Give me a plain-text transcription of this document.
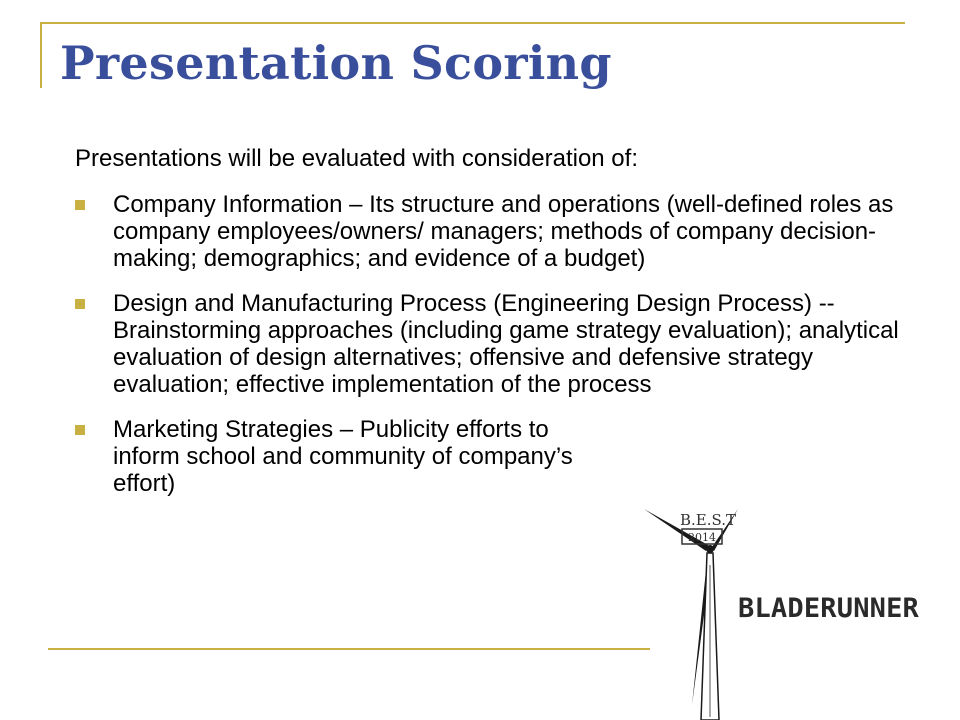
Presentation Scoring

Presentations will be evaluated with consideration of:

Company Information – Its structure and operations (well-defined roles as company employees/owners/ managers; methods of company decision-making; demographics; and evidence of a budget)
Design and Manufacturing Process (Engineering Design Process) -- Brainstorming approaches (including game strategy evaluation); analytical evaluation of design alternatives; offensive and defensive strategy evaluation; effective implementation of the process
Marketing Strategies – Publicity efforts to inform school and community of company’s effort)
B.E.S.T
2014
BLADERUNNER
